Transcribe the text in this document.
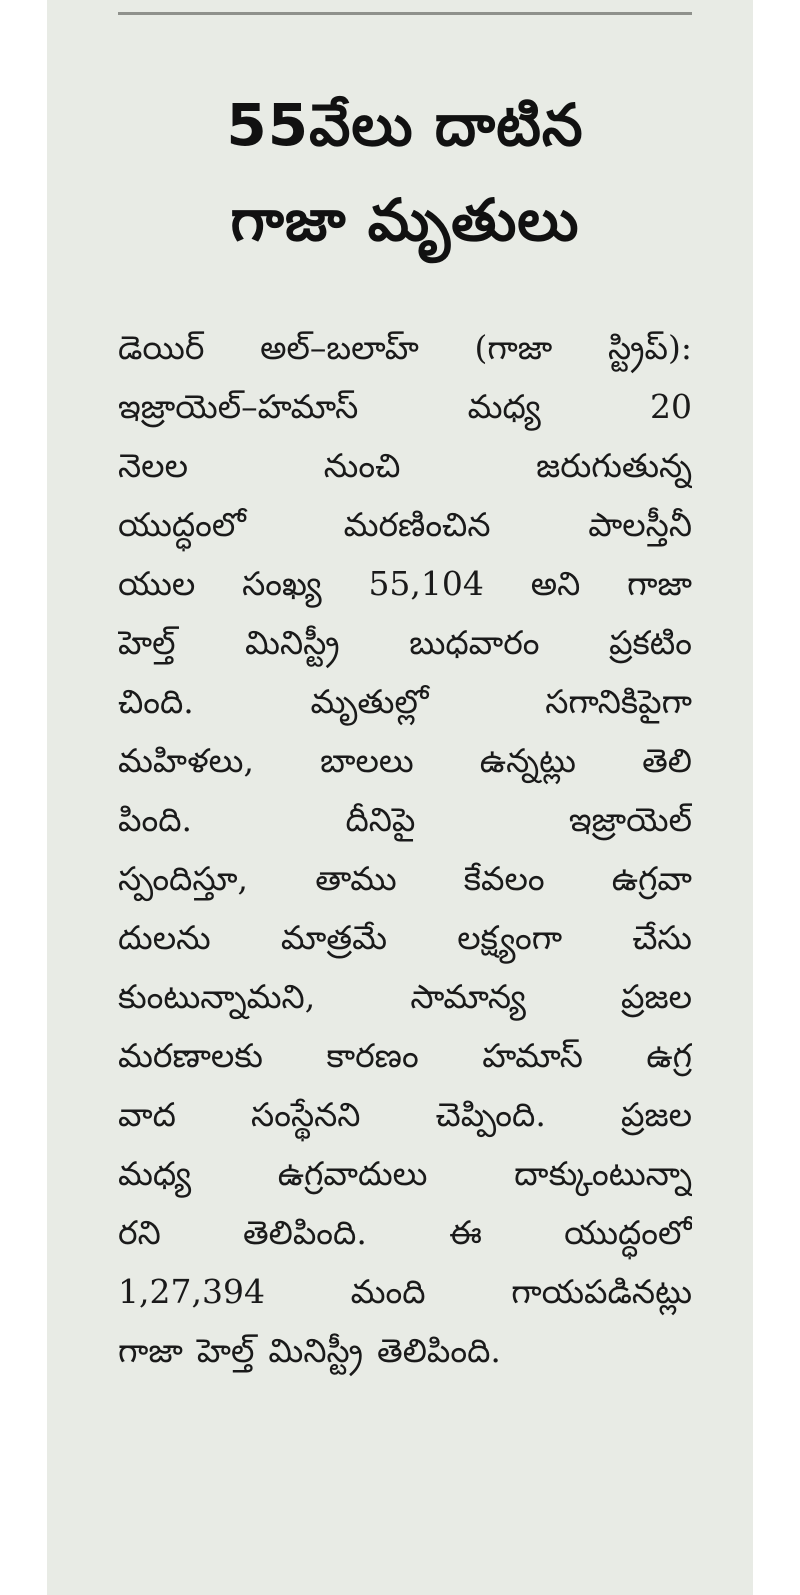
55వేలు దాటిన
గాజా మృతులు
డెయిర్ అల్–బలాహ్ (గాజా స్ట్రిప్):
ఇజ్రాయెల్–హమాస్	మధ్య	20
నెలల	నుంచి	జరుగుతున్న
యుద్ధంలో	మరణించిన	పాలస్తీనీ
యుల సంఖ్య 55,104 అని గాజా
హెల్త్ మినిస్ట్రీ బుధవారం ప్రకటిం
చింది.	మృతుల్లో	సగానికిపైగా
మహిళలు, బాలలు ఉన్నట్లు తెలి
పింది.	దీనిపై	ఇజ్రాయెల్
స్పందిస్తూ, తాము కేవలం ఉగ్రవా
దులను మాత్రమే లక్ష్యంగా చేసు
కుంటున్నామని,	సామాన్య	ప్రజల
మరణాలకు కారణం హమాస్ ఉగ్ర
వాద సంస్థేనని చెప్పింది. ప్రజల
మధ్య	ఉగ్రవాదులు	దాక్కుంటున్నా
రని తెలిపింది. ఈ యుద్ధంలో
1,27,394	మంది	గాయపడినట్లు
గాజా హెల్త్ మినిస్ట్రీ తెలిపింది.
